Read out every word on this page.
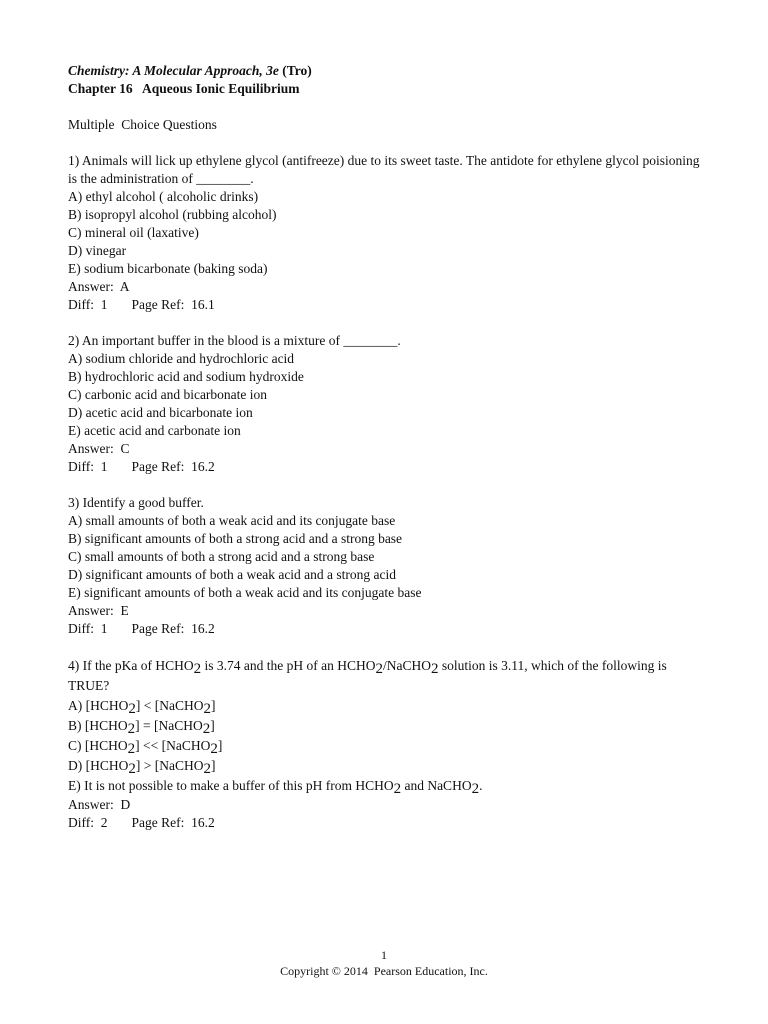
Chemistry: A Molecular Approach, 3e (Tro)
Chapter 16   Aqueous Ionic Equilibrium
Multiple  Choice Questions
1) Animals will lick up ethylene glycol (antifreeze) due to its sweet taste. The antidote for ethylene glycol poisioning is the administration of ________.
A) ethyl alcohol ( alcoholic drinks)
B) isopropyl alcohol (rubbing alcohol)
C) mineral oil (laxative)
D) vinegar
E) sodium bicarbonate (baking soda)
Answer:  A
Diff:  1 Page Ref:  16.1
2) An important buffer in the blood is a mixture of ________.
A) sodium chloride and hydrochloric acid
B) hydrochloric acid and sodium hydroxide
C) carbonic acid and bicarbonate ion
D) acetic acid and bicarbonate ion
E) acetic acid and carbonate ion
Answer:  C
Diff:  1 Page Ref:  16.2
3) Identify a good buffer.
A) small amounts of both a weak acid and its conjugate base
B) significant amounts of both a strong acid and a strong base
C) small amounts of both a strong acid and a strong base
D) significant amounts of both a weak acid and a strong acid
E) significant amounts of both a weak acid and its conjugate base
Answer:  E
Diff:  1 Page Ref:  16.2
4) If the pKa of HCHO2 is 3.74 and the pH of an HCHO2/NaCHO2 solution is 3.11, which of the following is TRUE?
A) [HCHO2] < [NaCHO2]
B) [HCHO2] = [NaCHO2]
C) [HCHO2] << [NaCHO2]
D) [HCHO2] > [NaCHO2]
E) It is not possible to make a buffer of this pH from HCHO2 and NaCHO2.
Answer:  D
Diff:  2 Page Ref:  16.2
1
Copyright © 2014  Pearson Education, Inc.
